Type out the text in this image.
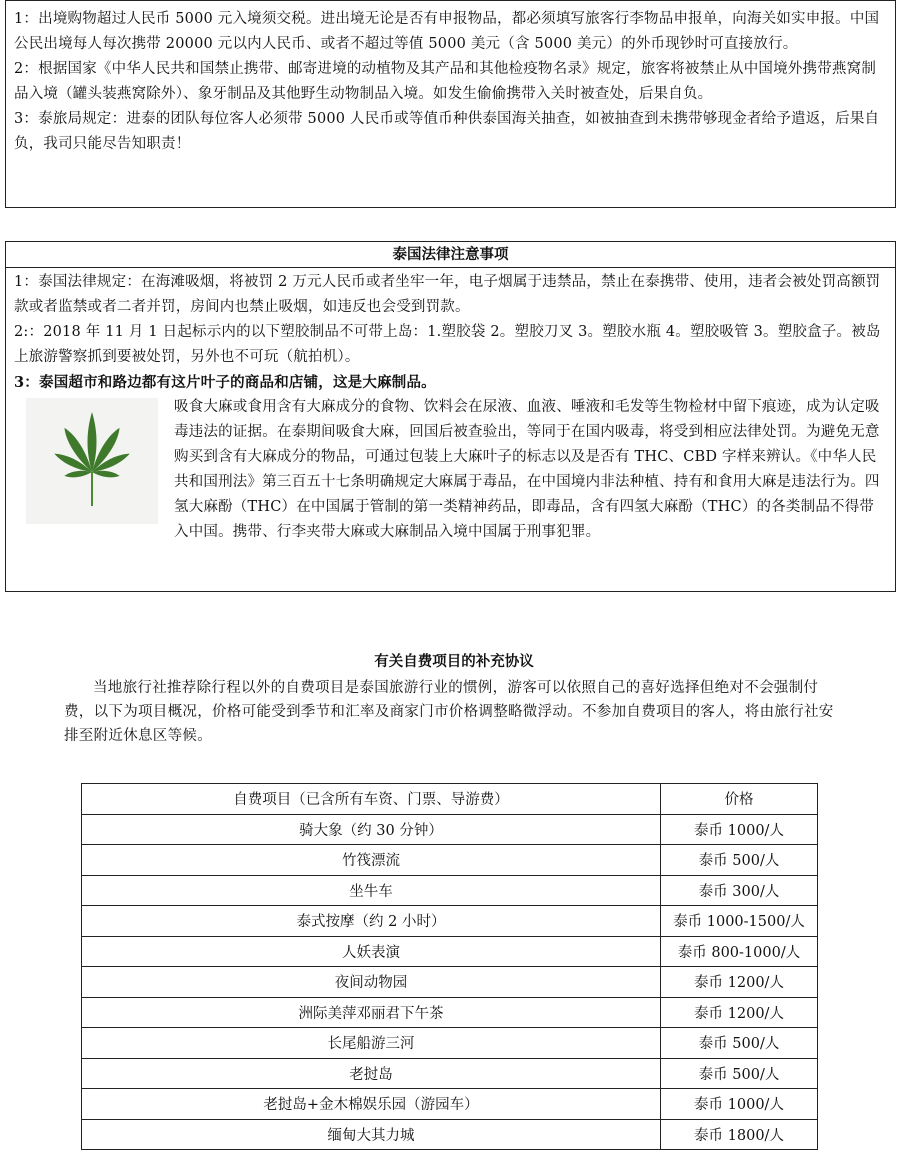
1：出境购物超过人民币 5000 元入境须交税。进出境无论是否有申报物品，都必须填写旅客行李物品申报单，向海关如实申报。中国公民出境每人每次携带 20000 元以内人民币、或者不超过等值 5000 美元（含 5000 美元）的外币现钞时可直接放行。

2：根据国家《中华人民共和国禁止携带、邮寄进境的动植物及其产品和其他检疫物名录》规定，旅客将被禁止从中国境外携带燕窝制品入境（罐头装燕窝除外）、象牙制品及其他野生动物制品入境。如发生偷偷携带入关时被查处，后果自负。

3：泰旅局规定：进泰的团队每位客人必须带 5000 人民币或等值币种供泰国海关抽查，如被抽查到未携带够现金者给予遣返，后果自负，我司只能尽告知职责！

泰国法律注意事项

1：泰国法律规定：在海滩吸烟，将被罚 2 万元人民币或者坐牢一年，电子烟属于违禁品，禁止在泰携带、使用，违者会被处罚高额罚款或者监禁或者二者并罚，房间内也禁止吸烟，如违反也会受到罚款。

2:：2018 年 11 月 1 日起标示内的以下塑胶制品不可带上岛：1.塑胶袋 2。塑胶刀叉 3。塑胶水瓶 4。塑胶吸管 3。塑胶盒子。被岛上旅游警察抓到要被处罚，另外也不可玩（航拍机）。

3：泰国超市和路边都有这片叶子的商品和店铺，这是大麻制品。

吸食大麻或食用含有大麻成分的食物、饮料会在尿液、血液、唾液和毛发等生物检材中留下痕迹，成为认定吸毒违法的证据。在泰期间吸食大麻，回国后被查验出，等同于在国内吸毒，将受到相应法律处罚。为避免无意购买到含有大麻成分的物品，可通过包装上大麻叶子的标志以及是否有 THC、CBD 字样来辨认。《中华人民共和国刑法》第三百五十七条明确规定大麻属于毒品，在中国境内非法种植、持有和食用大麻是违法行为。四氢大麻酚（THC）在中国属于管制的第一类精神药品，即毒品，含有四氢大麻酚（THC）的各类制品不得带入中国。携带、行李夹带大麻或大麻制品入境中国属于刑事犯罪。

有关自费项目的补充协议

当地旅行社推荐除行程以外的自费项目是泰国旅游行业的惯例，游客可以依照自己的喜好选择但绝对不会强制付费，以下为项目概况，价格可能受到季节和汇率及商家门市价格调整略微浮动。不参加自费项目的客人，将由旅行社安排至附近休息区等候。

自费项目（已含所有车资、门票、导游费）	价格
骑大象（约 30 分钟）	泰币 1000/人
竹筏漂流	泰币 500/人
坐牛车	泰币 300/人
泰式按摩（约 2 小时）	泰币 1000-1500/人
人妖表演	泰币 800-1000/人
夜间动物园	泰币 1200/人
洲际美萍邓丽君下午茶	泰币 1200/人
长尾船游三河	泰币 500/人
老挝岛	泰币 500/人
老挝岛+金木棉娱乐园（游园车）	泰币 1000/人
缅甸大其力城	泰币 1800/人
